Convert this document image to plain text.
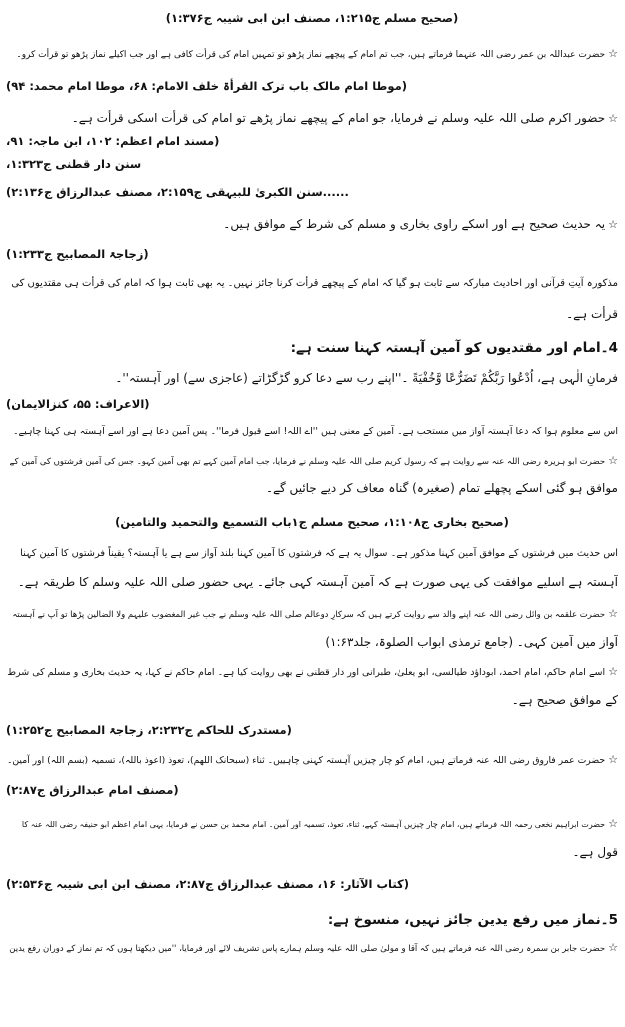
(صحیح مسلم ج۱:۲۱۵، مصنف ابن ابی شیبہ ج۱:۳۷۶)
☆حضرت عبداللہ بن عمر رضی اللہ عنہما فرماتے ہیں، جب تم امام کے پیچھے نماز پڑھو تو تمہیں امام کی قرأت کافی ہے اور جب اکیلے نماز پڑھو تو قرأت کرو۔
(موطا امام مالک باب ترک القرأۃ خلف الامام: ۶۸، موطا امام محمد: ۹۴)
☆حضور اکرم صلی اللہ علیہ وسلم نے فرمایا، جو امام کے پیچھے نماز پڑھے تو امام کی قرأت اسکی قرأت ہے۔
(مسند امام اعظم: ۱۰۲، ابن ماجہ: ۹۱،
سنن دار قطنی ج۱:۳۲۳،
......سنن الکبریٰ للبیہقی ج۲:۱۵۹، مصنف عبدالرزاق ج۲:۱۳۶)
☆یہ حدیث صحیح ہے اور اسکے راوی بخاری و مسلم کی شرط کے موافق ہیں۔
(زجاجۃ المصابیح ج۱:۲۳۳)
مذکورہ آیتِ قرآنی اور احادیث مبارکہ سے ثابت ہو گیا کہ امام کے پیچھے قرأت کرنا جائز نہیں۔ یہ بھی ثابت ہوا کہ امام کی قرأت ہی مقتدیوں کی
قرأت ہے۔
4۔امام اور مقتدیوں کو آمین آہستہ کہنا سنت ہے:
فرمانِ الٰہی ہے، اُدْعُوا رَبَّكُمْ تَضَرُّعًا وَّخُفْيَةً ۔''اپنے رب سے دعا کرو گڑگڑاتے (عاجزی سے) اور آہستہ''۔
(الاعراف: ۵۵، کنزالایمان)
اس سے معلوم ہوا کہ دعا آہستہ آواز میں مستحب ہے۔ آمین کے معنی ہیں ''اے اللہ! اسے قبول فرما''۔ پس آمین دعا ہے اور اسے آہستہ ہی کہنا چاہیے۔
☆حضرت ابو ہریرہ رضی اللہ عنہ سے روایت ہے کہ رسول کریم صلی اللہ علیہ وسلم نے فرمایا، جب امام آمین کہے تم بھی آمین کہو۔ جس کی آمین فرشتوں کی آمین کے
موافق ہو گئی اسکے پچھلے تمام (صغیرہ) گناہ معاف کر دیے جائیں گے۔
(صحیح بخاری ج۱:۱۰۸، صحیح مسلم ج۱باب التسمیع والتحمید والتامین)
اس حدیث میں فرشتوں کے موافق آمین کہنا مذکور ہے۔ سوال یہ ہے کہ فرشتوں کا آمین کہنا بلند آواز سے ہے یا آہستہ؟ یقیناً فرشتوں کا آمین کہنا
آہستہ ہے اسلیے موافقت کی یہی صورت ہے کہ آمین آہستہ کہی جائے۔ یہی حضور صلی اللہ علیہ وسلم کا طریقہ ہے۔
☆حضرت علقمہ بن وائل رضی اللہ عنہ اپنے والد سے روایت کرتے ہیں کہ سرکارِ دوعالم صلی اللہ علیہ وسلم نے جب غیر المغضوب علیہم ولا الضالین پڑھا تو آپ نے آہستہ
آواز میں آمین کہی۔ (جامع ترمذی ابواب الصلوۃ، جلد۱:۶۳)
☆اسے امام حاکم، امام احمد، ابوداؤد طیالسی، ابو یعلیٰ، طبرانی اور دار قطنی نے بھی روایت کیا ہے۔ امام حاکم نے کہا، یہ حدیث بخاری و مسلم کی شرط
کے موافق صحیح ہے۔
(مستدرک للحاکم ج۲:۲۳۲، زجاجۃ المصابیح ج۱:۲۵۲)
☆حضرت عمر فاروق رضی اللہ عنہ فرماتے ہیں، امام کو چار چیزیں آہستہ کہنی چاہییں۔ ثناء (سبحانک اللھم)، تعوذ (اعوذ باللہ)، تسمیہ (بسم اللہ) اور آمین۔
(مصنف امام عبدالرزاق ج۲:۸۷)
☆حضرت ابراہیم نخعی رحمہ اللہ فرماتے ہیں، امام چار چیزیں آہستہ کہے، ثناء، تعوذ، تسمیہ اور آمین۔ امام محمد بن حسن نے فرمایا، یہی امام اعظم ابو حنیفہ رضی اللہ عنہ کا
قول ہے۔
(کتاب الآثار: ۱۶، مصنف عبدالرزاق ج۲:۸۷، مصنف ابن ابی شیبہ ج۲:۵۳۶)
5۔نماز میں رفع یدین جائز نہیں، منسوخ ہے:
☆حضرت جابر بن سمرہ رضی اللہ عنہ فرماتے ہیں کہ آقا و مولیٰ صلی اللہ علیہ وسلم ہمارے پاس تشریف لائے اور فرمایا، ''میں دیکھتا ہوں کہ تم نماز کے دوران رفع یدین
